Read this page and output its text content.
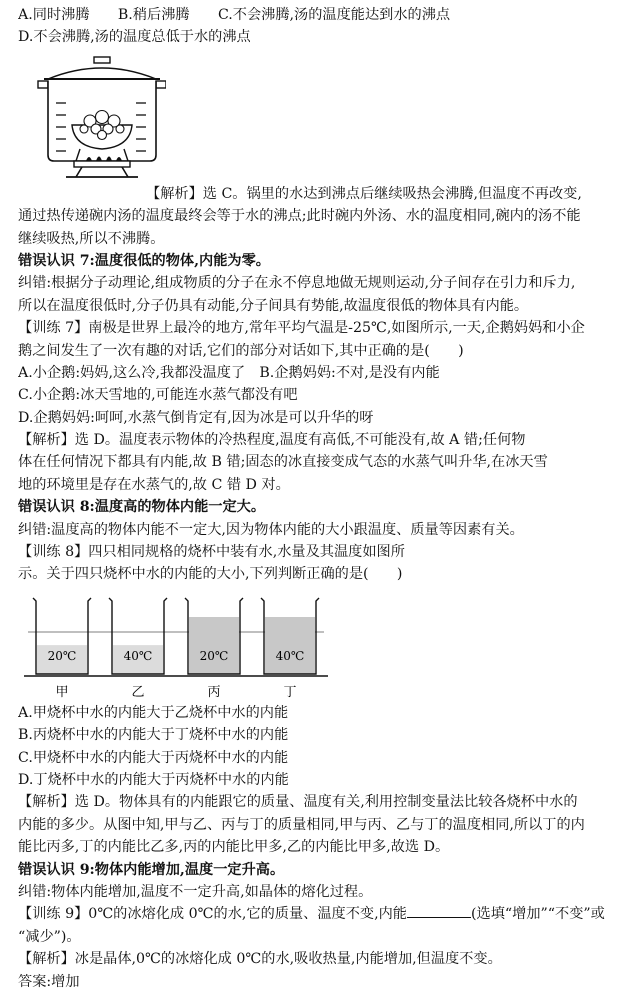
A.同时沸腾　　B.稍后沸腾　　C.不会沸腾,汤的温度能达到水的沸点
D.不会沸腾,汤的温度总低于水的沸点
【解析】选 C。锅里的水达到沸点后继续吸热会沸腾,但温度不再改变,
通过热传递碗内汤的温度最终会等于水的沸点;此时碗内外汤、水的温度相同,碗内的汤不能
继续吸热,所以不沸腾。
错误认识 7:温度很低的物体,内能为零。
纠错:根据分子动理论,组成物质的分子在永不停息地做无规则运动,分子间存在引力和斥力,
所以在温度很低时,分子仍具有动能,分子间具有势能,故温度很低的物体具有内能。
【训练 7】南极是世界上最冷的地方,常年平均气温是-25℃,如图所示,一天,企鹅妈妈和小企
鹅之间发生了一次有趣的对话,它们的部分对话如下,其中正确的是(　　)
A.小企鹅:妈妈,这么冷,我都没温度了　B.企鹅妈妈:不对,是没有内能
C.小企鹅:冰天雪地的,可能连水蒸气都没有吧
D.企鹅妈妈:呵呵,水蒸气倒肯定有,因为冰是可以升华的呀
【解析】选 D。温度表示物体的冷热程度,温度有高低,不可能没有,故 A 错;任何物
体在任何情况下都具有内能,故 B 错;固态的冰直接变成气态的水蒸气叫升华,在冰天雪
地的环境里是存在水蒸气的,故 C 错 D 对。
错误认识 8:温度高的物体内能一定大。
纠错:温度高的物体内能不一定大,因为物体内能的大小跟温度、质量等因素有关。
【训练 8】四只相同规格的烧杯中装有水,水量及其温度如图所
示。关于四只烧杯中水的内能的大小,下列判断正确的是(　　)
20℃
甲
40℃
乙
20℃
丙
40℃
丁
A.甲烧杯中水的内能大于乙烧杯中水的内能
B.丙烧杯中水的内能大于丁烧杯中水的内能
C.甲烧杯中水的内能大于丙烧杯中水的内能
D.丁烧杯中水的内能大于丙烧杯中水的内能
【解析】选 D。物体具有的内能跟它的质量、温度有关,利用控制变量法比较各烧杯中水的
内能的多少。从图中知,甲与乙、丙与丁的质量相同,甲与丙、乙与丁的温度相同,所以丁的内
能比丙多,丁的内能比乙多,丙的内能比甲多,乙的内能比甲多,故选 D。
错误认识 9:物体内能增加,温度一定升高。
纠错:物体内能增加,温度不一定升高,如晶体的熔化过程。
【训练 9】0℃的冰熔化成 0℃的水,它的质量、温度不变,内能	(选填“增加”“不变”或
“减少”)。
【解析】冰是晶体,0℃的冰熔化成 0℃的水,吸收热量,内能增加,但温度不变。
答案:增加
